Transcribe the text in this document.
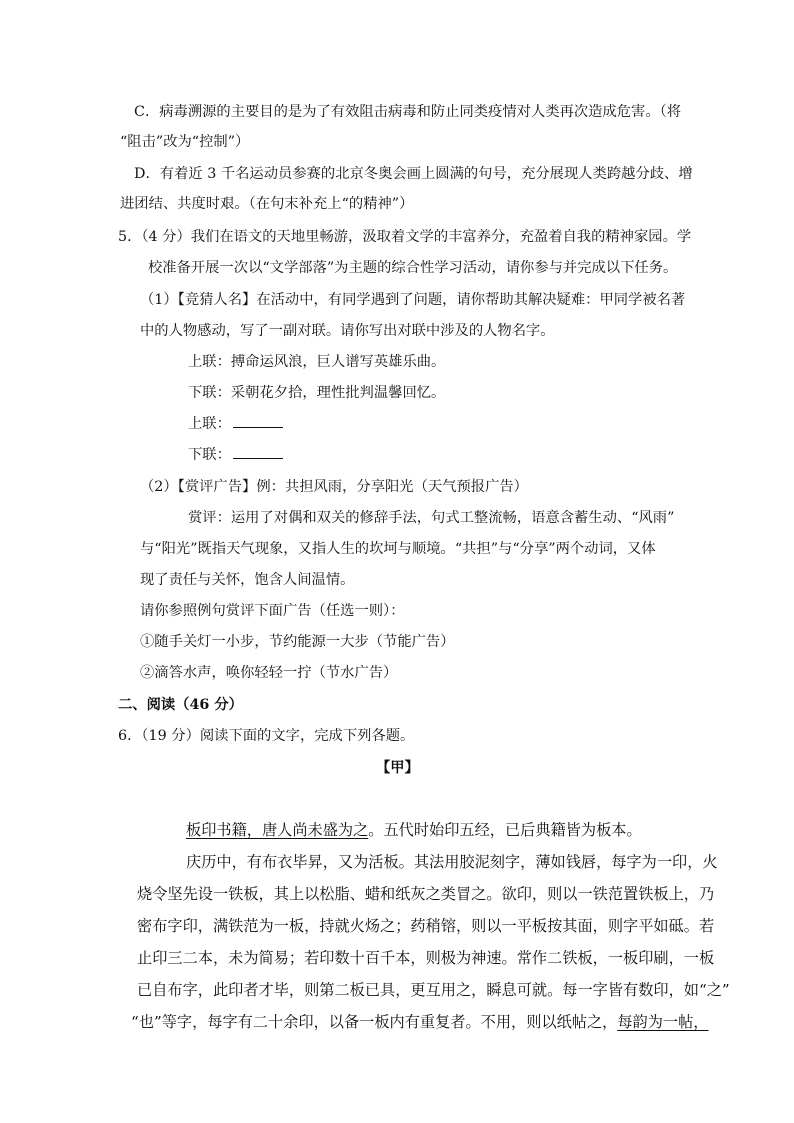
C．病毒溯源的主要目的是为了有效阻击病毒和防止同类疫情对人类再次造成危害。（将
“阻击”改为“控制”）
D．有着近 3 千名运动员参赛的北京冬奥会画上圆满的句号，充分展现人类跨越分歧、增
进团结、共度时艰。（在句末补充上“的精神”）
5．（4 分）我们在语文的天地里畅游，汲取着文学的丰富养分，充盈着自我的精神家园。学
校准备开展一次以“文学部落”为主题的综合性学习活动，请你参与并完成以下任务。
（1）【竞猜人名】在活动中，有同学遇到了问题，请你帮助其解决疑难：甲同学被名著
中的人物感动，写了一副对联。请你写出对联中涉及的人物名字。
上联：搏命运风浪，巨人谱写英雄乐曲。
下联：采朝花夕拾，理性批判温馨回忆。
上联：
下联：
（2）【赏评广告】例：共担风雨，分享阳光（天气预报广告）
赏评：运用了对偶和双关的修辞手法，句式工整流畅，语意含蓄生动、“风雨”
与“阳光”既指天气现象，又指人生的坎坷与顺境。“共担”与“分享”两个动词，又体
现了责任与关怀，饱含人间温情。
请你参照例句赏评下面广告（任选一则）：
①随手关灯一小步，节约能源一大步（节能广告）
②滴答水声，唤你轻轻一拧（节水广告）
二、阅读（46 分）
6．（19 分）阅读下面的文字，完成下列各题。
【甲】
板印书籍，唐人尚未盛为之。五代时始印五经，已后典籍皆为板本。
庆历中，有布衣毕昇，又为活板。其法用胶泥刻字，薄如钱唇，每字为一印，火
烧令坚先设一铁板，其上以松脂、蜡和纸灰之类冒之。欲印，则以一铁范置铁板上，乃
密布字印，满铁范为一板，持就火炀之；药稍镕，则以一平板按其面，则字平如砥。若
止印三二本，未为简易；若印数十百千本，则极为神速。常作二铁板，一板印刷，一板
已自布字，此印者才毕，则第二板已具，更互用之，瞬息可就。每一字皆有数印，如“之”
“也”等字，每字有二十余印，以备一板内有重复者。不用，则以纸帖之，每韵为一帖，
